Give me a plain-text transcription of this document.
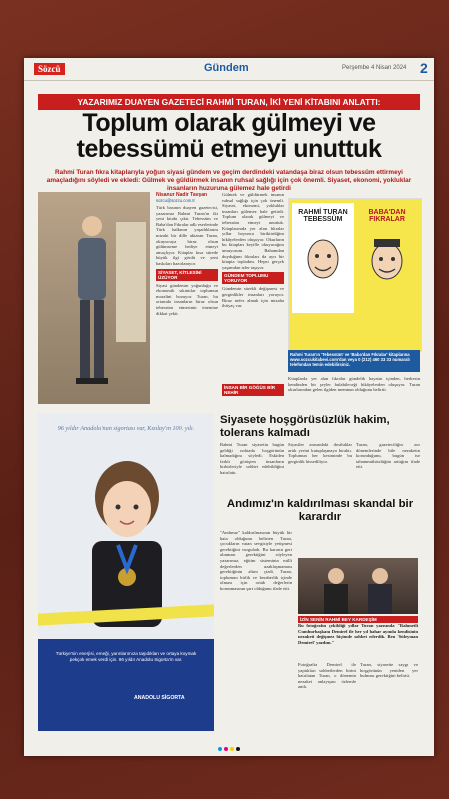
Sözcü	Gündem	Perşembe 4 Nisan 2024 2
YAZARIMIZ DUAYEN GAZETECİ RAHMİ TURAN, İKİ YENİ KİTABINI ANLATTI:
Toplum olarak gülmeyi ve
tebessümü etmeyi unuttuk
Rahmi Turan fıkra kitaplarıyla yoğun siyasi gündem ve geçim derdindeki vatandaşa biraz olsun tebessüm ettirmeyi amaçladığını söyledi ve ekledi: Gülmek ve güldürmek insanın ruhsal sağlığı için çok önemli. Siyaset, ekonomi, yokluklar insanların huzuruna gülemez hale getirdi
Nisanur Nadir Tavşan
sozcu@sozcu.com.tr
Türk basının duayen gazetecisi, yazarımız Rahmi Turan'ın iki yeni kitabı çıktı. Tebessüm ve Baba'dan Fıkralar adlı eserlerinde Türk halkının yaşadıklarını mizahi bir dille aktaran Turan, okuyucuya biraz olsun gülümseme hediye etmeyi amaçlıyor. Kitaplar kısa sürede büyük ilgi gördü ve yeni baskıları hazırlanıyor.
SİYASET, KİTLESİNİ ÜZÜYOR
Siyasi gündemin yoğunluğu ve ekonomik sıkıntılar toplumun moralini bozuyor. Turan, bu ortamda insanların biraz olsun tebessüm etmesinin önemine dikkat çekti.
Gülmek ve güldürmek insanın ruhsal sağlığı için çok önemli. Siyaset, ekonomi, yokluklar insanları gülemez hale getirdi. Toplum olarak gülmeyi ve tebessüm etmeyi unuttuk. Kitaplarımda yer alan fıkralar yıllar boyunca biriktirdiğim hikâyelerden oluşuyor. Okurların bu kitapları keyifle okuyacağını umuyorum. Babamdan duyduğum fıkraları da ayrı bir kitapta topladım. Hepsi gerçek yaşamdan izler taşıyor.
GÜNDEM TOPLUMU YORUYOR
Gündemin sürekli değişmesi ve gerginlikler insanları yoruyor. Biraz nefes almak için mizaha ihtiyaç var.
RAHMİ TURAN TEBESSÜM
BABA'DAN FIKRALAR
Rahmi Turan'ın 'Tebessüm' ve 'Baba'dan Fıkralar' kitaplarına www.sozcukitabevi.com'dan veya 0 (212) 460 33 33 numaralı telefondan temin edebilirsiniz.
Kitaplarda yer alan fıkralar gündelik hayatın içinden, herkesin kendinden bir şeyler bulabileceği hikâyelerden oluşuyor. Turan okurlarından gelen ilgiden memnun olduğunu belirtti.
İNSAN BİR GÖĞÜS BİR NEHİR
96 yıldır Anadolu'nun sigortası var, Kızılay'ın 100. yılı.
Türkiye'nin enerjisi, emeği, yarınlarımıza taşıdıkları ve ortaya koymak pekçok emek verdi için. 96 yıldır Anadolu Sigorta'm var.
ANADOLU SİGORTA
Siyasete hoşgörüsüzlük hakim, tolerans kalmadı
Rahmi Turan siyasetin bugün geldiği noktada hoşgörünün kalmadığını söyledi. Eskiden farklı görüşten insanların birbirleriyle sohbet edebildiğini hatırlattı.
Siyasiler arasındaki dostluklar artık yerini kutuplaşmaya bıraktı. Toplumun her kesiminde bu gerginlik hissediliyor.
Turan, gazeteciliğin zor dönemlerinde bile nezaketin korunduğunu, bugün ise tahammülsüzlüğün arttığını ifade etti.
Andımız'ın kaldırılması skandal bir karardır
"Andımız" kaldırılmasının büyük bir hata olduğunu belirten Turan, çocukların vatan sevgisiyle yetişmesi gerektiğini vurguladı. Bu kararın geri alınması gerektiğini söyleyen yazarımız, eğitim sisteminin milli değerlerden uzaklaşmaması gerektiğinin altını çizdi. Turan, toplumun birlik ve beraberlik içinde olması için ortak değerlerin korunmasının şart olduğunu ifade etti.
İZİN SENİN RAHMİ BEY KARDEŞİM
Bu fotoğrafın çekildiği yıllar Turan yazısında "Rahmetli Cumhurbaşkanı Demirel ile her yıl bahar ayında kendisinin nezaketi değişmez biçimde sohbet ederdik. Ben 'Süleyman Demirel' yazdım."
Fotoğrafta Demirel ile yaptıkları sohbetlerden birini hatırlatan Turan, o dönemin nezaket anlayışını özlemle andı.
Turan, siyasette saygı ve hoşgörünün yeniden yer bulması gerektiğini belirtti.
